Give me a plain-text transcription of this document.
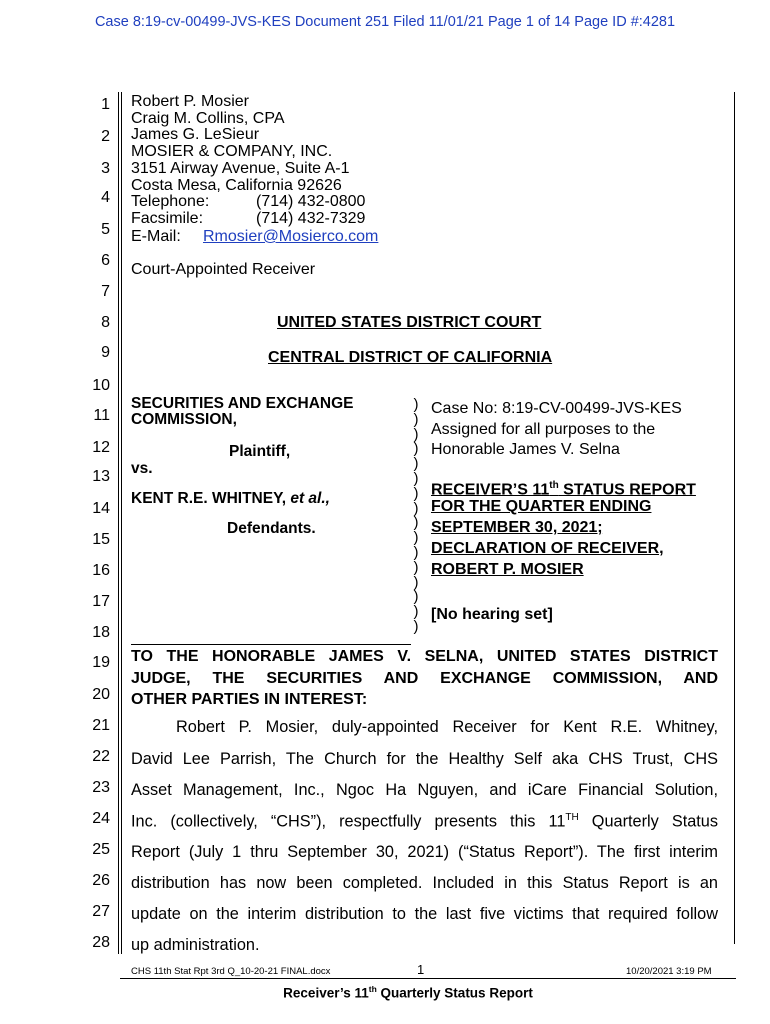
Case 8:19-cv-00499-JVS-KES Document 251 Filed 11/01/21 Page 1 of 14 Page ID #:4281
1
2
3
4
5
6
7
8
9
10
11
12
13
14
15
16
17
18
19
20
21
22
23
24
25
26
27
28
Robert P. Mosier
Craig M. Collins, CPA
James G. LeSieur
MOSIER & COMPANY, INC.
3151 Airway Avenue, Suite A-1
Costa Mesa, California 92626
Telephone:	(714) 432-0800
Facsimile:	(714) 432-7329
E-Mail: Rmosier@Mosierco.com
Court-Appointed Receiver
UNITED STATES DISTRICT COURT
CENTRAL DISTRICT OF CALIFORNIA
SECURITIES AND EXCHANGE
COMMISSION,
Plaintiff,
vs.
KENT R.E. WHITNEY, et al.,
Defendants.
)
)
)
)
)
)
)
)
)
)
)
)
)
)
)
)
Case No: 8:19-CV-00499-JVS-KES
Assigned for all purposes to the
Honorable James V. Selna
RECEIVER’S 11th STATUS REPORT
FOR THE QUARTER ENDING
SEPTEMBER 30, 2021;
DECLARATION OF RECEIVER,
ROBERT P. MOSIER
[No hearing set]
TO THE HONORABLE JAMES V. SELNA, UNITED STATES DISTRICT
JUDGE, THE SECURITIES AND EXCHANGE COMMISSION, AND
OTHER PARTIES IN INTEREST:
Robert P. Mosier, duly-appointed Receiver for Kent R.E. Whitney,
David Lee Parrish, The Church for the Healthy Self aka CHS Trust, CHS
Asset Management, Inc., Ngoc Ha Nguyen, and iCare Financial Solution,
Inc. (collectively, “CHS”), respectfully presents this 11TH Quarterly Status
Report (July 1 thru September 30, 2021) (“Status Report”). The first interim
distribution has now been completed. Included in this Status Report is an
update on the interim distribution to the last five victims that required follow
up administration.
CHS 11th Stat Rpt 3rd Q_10-20-21 FINAL.docx	1	10/20/2021 3:19 PM
Receiver’s 11th Quarterly Status Report
